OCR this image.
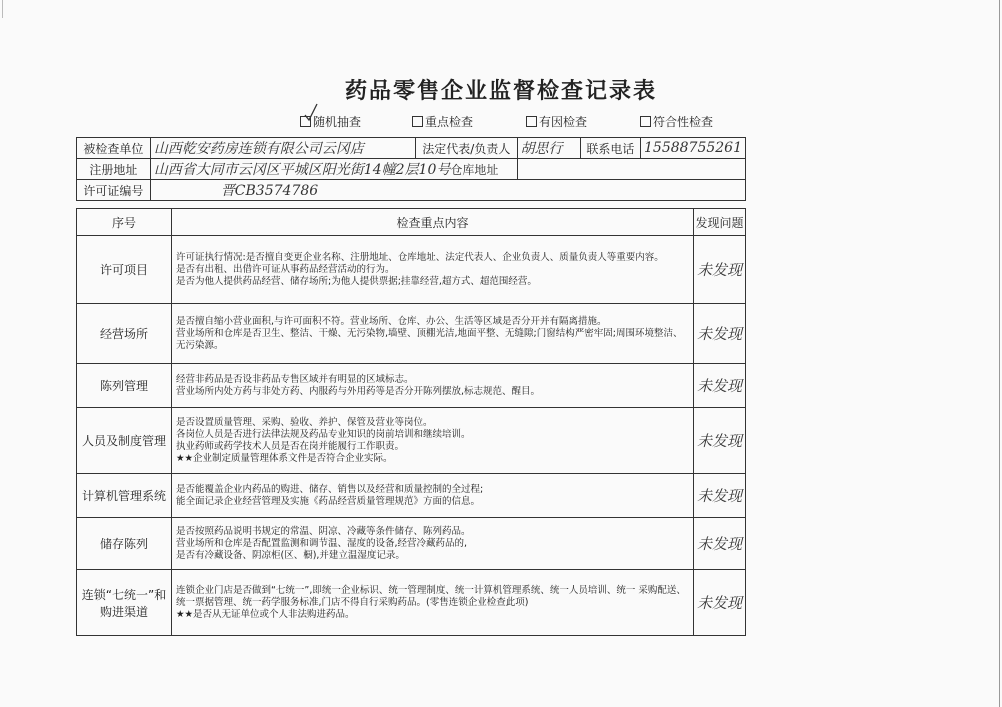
药品零售企业监督检查记录表
随机抽查	重点检查	有因检查	符合性检查
被检查单位	山西乾安药房连锁有限公司云冈店	法定代表/负责人	胡思行	联系电话	15588755261
注册地址	山西省大同市云冈区平城区阳光街14幢2层10号仓库地址				
许可证编号	晋CB3574786				
序号	检查重点内容	发现问题
许可项目	许可证执行情况:是否擅自变更企业名称、注册地址、仓库地址、法定代表人、企业负责人、质量负责人等重要内容。
是否有出租、出借许可证从事药品经营活动的行为。
是否为他人提供药品经营、储存场所;为他人提供票据;挂靠经营,超方式、超范围经营。	未发现
经营场所	是否擅自缩小营业面积,与许可面积不符。营业场所、仓库、办公、生活等区域是否分开并有隔离措施。
营业场所和仓库是否卫生、整洁、干燥、无污染物,墙壁、顶棚光洁,地面平整、无缝隙;门窗结构严密牢固;周围环境整洁、无污染源。	未发现
陈列管理	经营非药品是否设非药品专售区域并有明显的区域标志。
营业场所内处方药与非处方药、内服药与外用药等是否分开陈列摆放,标志规范、醒目。	未发现
人员及制度管理	是否设置质量管理、采购、验收、养护、保管及营业等岗位。
各岗位人员是否进行法律法规及药品专业知识的岗前培训和继续培训。
执业药师或药学技术人员是否在岗并能履行工作职责。
★★企业制定质量管理体系文件是否符合企业实际。	未发现
计算机管理系统	是否能覆盖企业内药品的购进、储存、销售以及经营和质量控制的全过程;
能全面记录企业经营管理及实施《药品经营质量管理规范》方面的信息。	未发现
储存陈列	是否按照药品说明书规定的常温、阴凉、冷藏等条件储存、陈列药品。
营业场所和仓库是否配置监测和调节温、湿度的设备,经营冷藏药品的,
是否有冷藏设备、阴凉柜(区、橱),并建立温湿度记录。	未发现
连锁“七统一”和购进渠道	连锁企业门店是否做到“七统一”,即统一企业标识、统一管理制度、统一计算机管理系统、统一人员培训、统一 采购配送、统一票据管理、统一药学服务标准,门店不得自行采购药品。(零售连锁企业检查此项)
★★是否从无证单位或个人非法购进药品。	未发现
